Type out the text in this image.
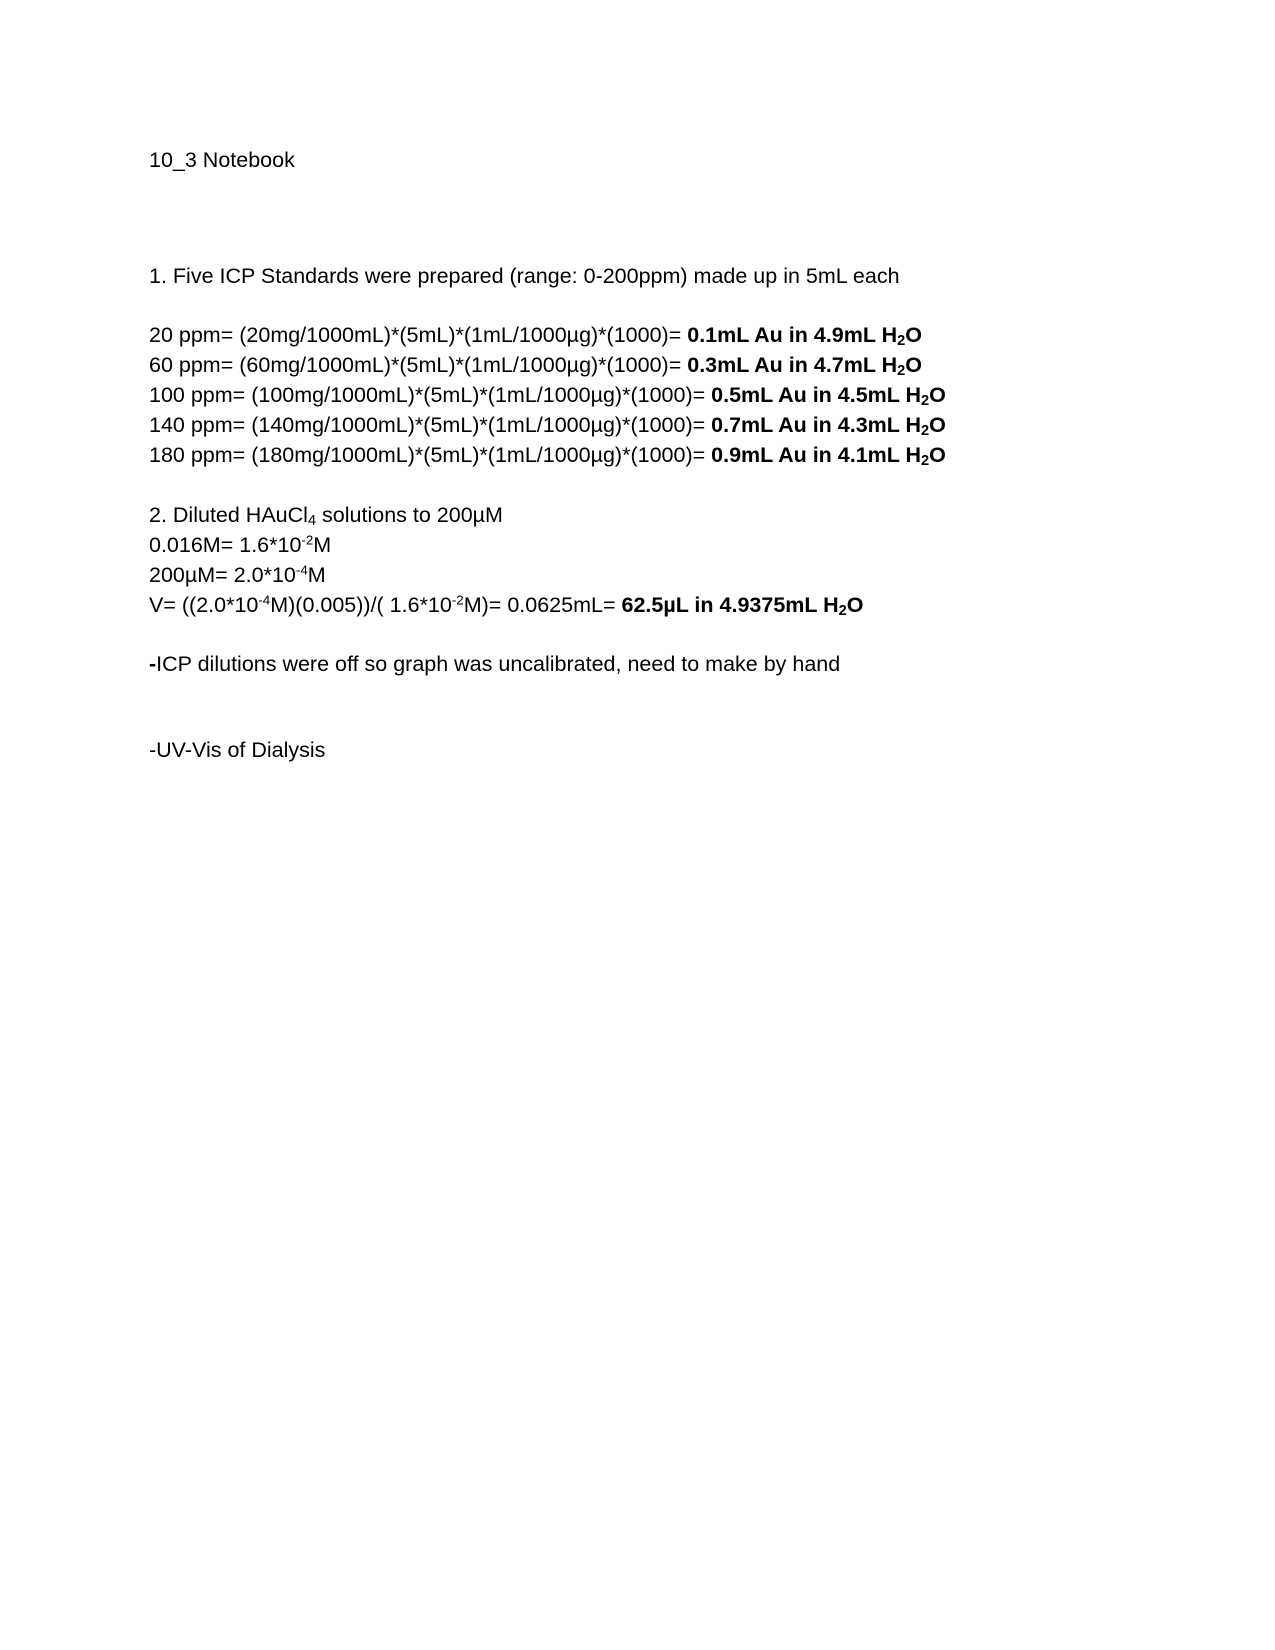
10_3 Notebook
1. Five ICP Standards were prepared (range: 0-200ppm) made up in 5mL each
20 ppm= (20mg/1000mL)*(5mL)*(1mL/1000µg)*(1000)= 0.1mL Au in 4.9mL $H_2O$
60 ppm= (60mg/1000mL)*(5mL)*(1mL/1000µg)*(1000)= 0.3mL Au in 4.7mL $H_2O$
100 ppm= (100mg/1000mL)*(5mL)*(1mL/1000µg)*(1000)= 0.5mL Au in 4.5mL $H_2O$
140 ppm= (140mg/1000mL)*(5mL)*(1mL/1000µg)*(1000)= 0.7mL Au in 4.3mL $H_2O$
180 ppm= (180mg/1000mL)*(5mL)*(1mL/1000µg)*(1000)= 0.9mL Au in 4.1mL $H_2O$
2. Diluted HAuCl$_4$ solutions to 200µM
$0.016M= 1.6*10^{-2}M$
$200\mu M= 2.0*10^{-4}M$
$V= ((2.0*10^{-4}M)(0.005))/$( $1.6*10^{-2}M)= 0.0625mL= 62.5\mu L$ in 4.9375mL $H_2O$
-ICP dilutions were off so graph was uncalibrated, need to make by hand
-UV-Vis of Dialysis
